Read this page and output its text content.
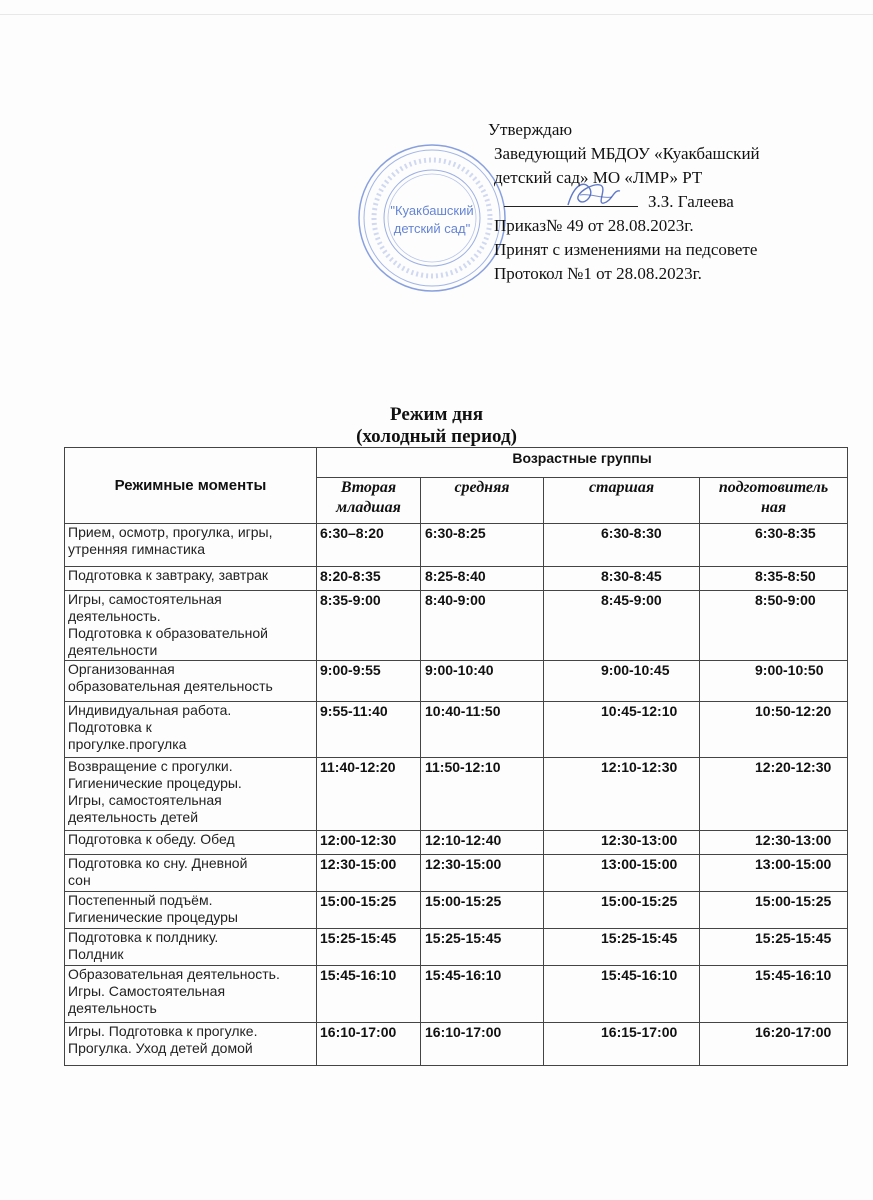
"Куакбашский
детский сад"
Утверждаю
Заведующий МБДОУ «Куакбашский
детский сад» МО «ЛМР» РТ
З.З. Галеева
Приказ№ 49 от 28.08.2023г.
Принят с изменениями на педсовете
Протокол №1 от 28.08.2023г.
Режим дня
(холодный период)
Режимные моменты	Возрастные группы			
	Вторая
младшая	средняя	старшая	подготовитель
ная

Прием, осмотр, прогулка, игры,
утренняя гимнастика	6:30–8:20	6:30-8:25	6:30-8:30	6:30-8:35

Подготовка к завтраку, завтрак	8:20-8:35	8:25-8:40	8:30-8:45	8:35-8:50

Игры, самостоятельная
деятельность.
Подготовка к образовательной
деятельности	8:35-9:00	8:40-9:00	8:45-9:00	8:50-9:00

Организованная
образовательная деятельность	9:00-9:55	9:00-10:40	9:00-10:45	9:00-10:50

Индивидуальная работа.
Подготовка к
прогулке.прогулка	9:55-11:40	10:40-11:50	10:45-12:10	10:50-12:20

Возвращение с прогулки.
Гигиенические процедуры.
Игры, самостоятельная
деятельность детей	11:40-12:20	11:50-12:10	12:10-12:30	12:20-12:30

Подготовка к обеду. Обед	12:00-12:30	12:10-12:40	12:30-13:00	12:30-13:00

Подготовка ко сну. Дневной
сон	12:30-15:00	12:30-15:00	13:00-15:00	13:00-15:00

Постепенный подъём.
Гигиенические процедуры	15:00-15:25	15:00-15:25	15:00-15:25	15:00-15:25

Подготовка к полднику.
Полдник	15:25-15:45	15:25-15:45	15:25-15:45	15:25-15:45

Образовательная деятельность.
Игры. Самостоятельная
деятельность	15:45-16:10	15:45-16:10	15:45-16:10	15:45-16:10

Игры. Подготовка к прогулке.
Прогулка. Уход детей домой	16:10-17:00	16:10-17:00	16:15-17:00	16:20-17:00
